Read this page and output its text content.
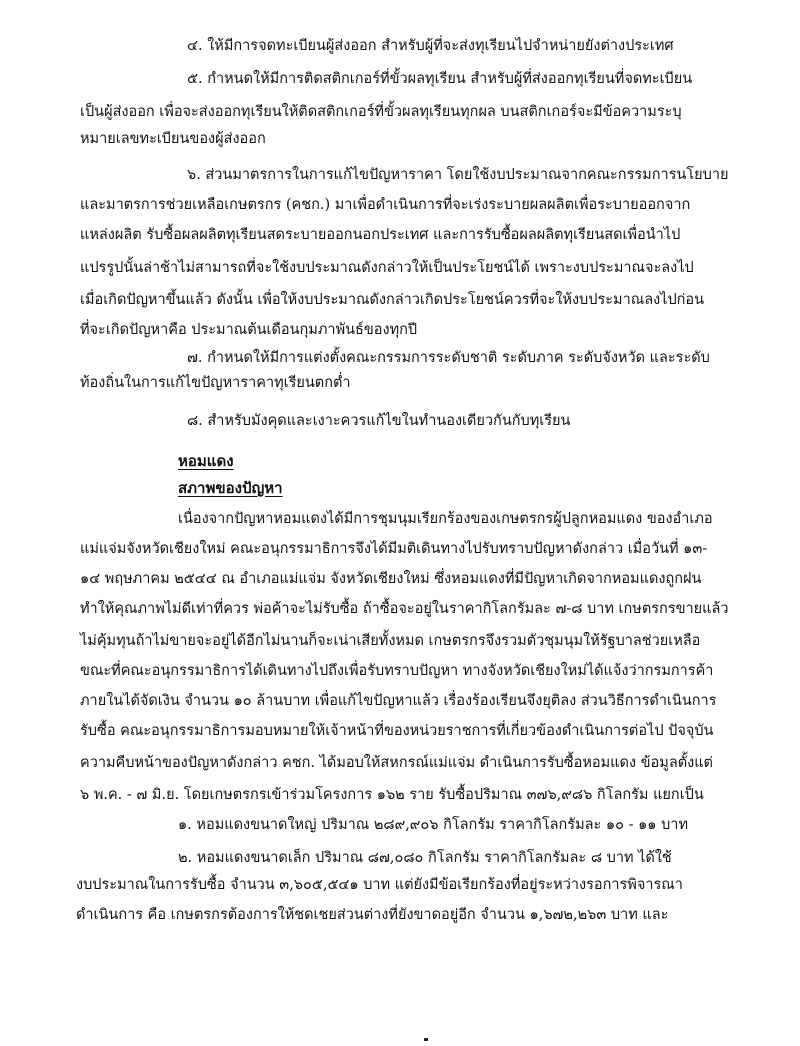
๔. ให้มีการจดทะเบียนผู้ส่งออก สำหรับผู้ที่จะส่งทุเรียนไปจำหน่ายยังต่างประเทศ
๕. กำหนดให้มีการติดสติกเกอร์ที่ขั้วผลทุเรียน สำหรับผู้ที่ส่งออกทุเรียนที่จดทะเบียน
เป็นผู้ส่งออก เพื่อจะส่งออกทุเรียนให้ติดสติกเกอร์ที่ขั้วผลทุเรียนทุกผล บนสติกเกอร์จะมีข้อความระบุ
หมายเลขทะเบียนของผู้ส่งออก
๖. ส่วนมาตรการในการแก้ไขปัญหาราคา โดยใช้งบประมาณจากคณะกรรมการนโยบาย
และมาตรการช่วยเหลือเกษตรกร (คชก.) มาเพื่อดำเนินการที่จะเร่งระบายผลผลิตเพื่อระบายออกจาก
แหล่งผลิต รับซื้อผลผลิตทุเรียนสดระบายออกนอกประเทศ และการรับซื้อผลผลิตทุเรียนสดเพื่อนำไป
แปรรูปนั้นล่าช้าไม่สามารถที่จะใช้งบประมาณดังกล่าวให้เป็นประโยชน์ได้ เพราะงบประมาณจะลงไป
เมื่อเกิดปัญหาขึ้นแล้ว ดังนั้น เพื่อให้งบประมาณดังกล่าวเกิดประโยชน์ควรที่จะให้งบประมาณลงไปก่อน
ที่จะเกิดปัญหาคือ ประมาณต้นเดือนกุมภาพันธ์ของทุกปี
๗. กำหนดให้มีการแต่งตั้งคณะกรรมการระดับชาติ ระดับภาค ระดับจังหวัด และระดับ
ท้องถิ่นในการแก้ไขปัญหาราคาทุเรียนตกต่ำ
๘. สำหรับมังคุดและเงาะควรแก้ไขในทำนองเดียวกันกับทุเรียน
หอมแดง
สภาพของปัญหา
เนื่องจากปัญหาหอมแดงได้มีการชุมนุมเรียกร้องของเกษตรกรผู้ปลูกหอมแดง ของอำเภอ
แม่แจ่มจังหวัดเชียงใหม่ คณะอนุกรรมาธิการจึงได้มีมติเดินทางไปรับทราบปัญหาดังกล่าว เมื่อวันที่ ๑๓-
๑๔ พฤษภาคม ๒๕๔๔ ณ อำเภอแม่แจ่ม จังหวัดเชียงใหม่ ซึ่งหอมแดงที่มีปัญหาเกิดจากหอมแดงถูกฝน
ทำให้คุณภาพไม่ดีเท่าที่ควร พ่อค้าจะไม่รับซื้อ ถ้าซื้อจะอยู่ในราคากิโลกรัมละ ๗-๘ บาท เกษตรกรขายแล้ว
ไม่คุ้มทุนถ้าไม่ขายจะอยู่ได้อีกไม่นานก็จะเน่าเสียทั้งหมด เกษตรกรจึงรวมตัวชุมนุมให้รัฐบาลช่วยเหลือ
ขณะที่คณะอนุกรรมาธิการได้เดินทางไปถึงเพื่อรับทราบปัญหา ทางจังหวัดเชียงใหม่ได้แจ้งว่ากรมการค้า
ภายในได้จัดเงิน จำนวน ๑๐ ล้านบาท เพื่อแก้ไขปัญหาแล้ว เรื่องร้องเรียนจึงยุติลง ส่วนวิธีการดำเนินการ
รับซื้อ คณะอนุกรรมาธิการมอบหมายให้เจ้าหน้าที่ของหน่วยราชการที่เกี่ยวข้องดำเนินการต่อไป ปัจจุบัน
ความคืบหน้าของปัญหาดังกล่าว คชก. ได้มอบให้สหกรณ์แม่แจ่ม ดำเนินการรับซื้อหอมแดง ข้อมูลตั้งแต่
๖ พ.ค. - ๗ มิ.ย. โดยเกษตรกรเข้าร่วมโครงการ ๑๖๒ ราย รับซื้อปริมาณ ๓๗๖,๙๘๖ กิโลกรัม แยกเป็น
๑. หอมแดงขนาดใหญ่ ปริมาณ ๒๘๙,๙๐๖ กิโลกรัม ราคากิโลกรัมละ ๑๐ - ๑๑ บาท
๒. หอมแดงขนาดเล็ก ปริมาณ ๘๗,๐๘๐ กิโลกรัม ราคากิโลกรัมละ ๘ บาท ได้ใช้
งบประมาณในการรับซื้อ จำนวน ๓,๖๐๕,๕๔๑ บาท แต่ยังมีข้อเรียกร้องที่อยู่ระหว่างรอการพิจารณา
ดำเนินการ คือ เกษตรกรต้องการให้ชดเชยส่วนต่างที่ยังขาดอยู่อีก จำนวน ๑,๖๗๒,๒๖๓ บาท และ
